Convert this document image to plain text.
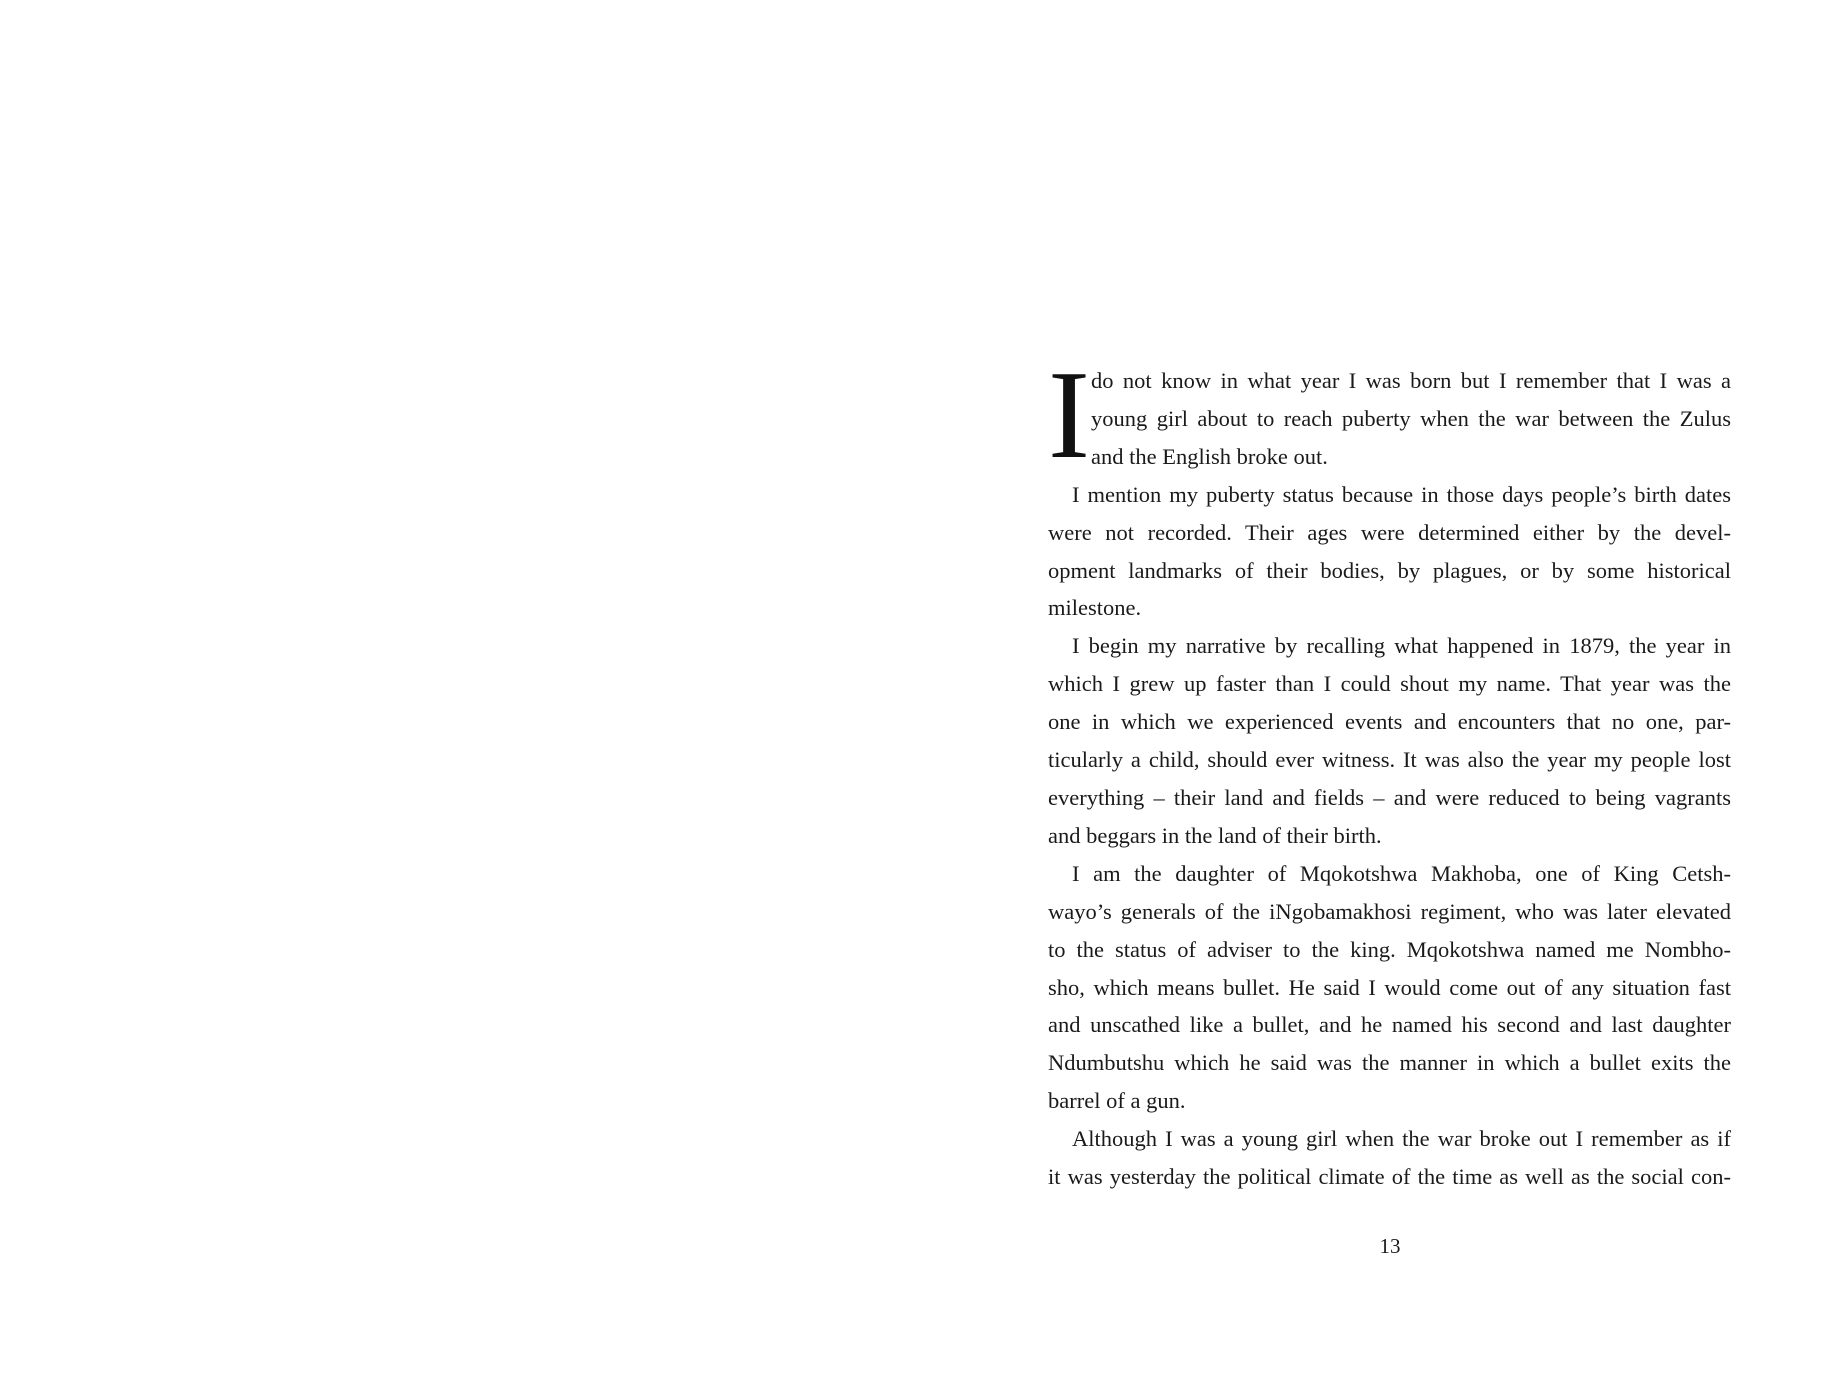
I do not know in what year I was born but I remember that I was a
young girl about to reach puberty when the war between the Zulus
and the English broke out.
I mention my puberty status because in those days people’s birth dates
were not recorded. Their ages were determined either by the devel-
opment landmarks of their bodies, by plagues, or by some historical
milestone.
I begin my narrative by recalling what happened in 1879, the year in
which I grew up faster than I could shout my name. That year was the
one in which we experienced events and encounters that no one, par-
ticularly a child, should ever witness. It was also the year my people lost
everything – their land and fields – and were reduced to being vagrants
and beggars in the land of their birth.
I am the daughter of Mqokotshwa Makhoba, one of King Cetsh-
wayo’s generals of the iNgobamakhosi regiment, who was later elevated
to the status of adviser to the king. Mqokotshwa named me Nombho-
sho, which means bullet. He said I would come out of any situation fast
and unscathed like a bullet, and he named his second and last daughter
Ndumbutshu which he said was the manner in which a bullet exits the
barrel of a gun.
Although I was a young girl when the war broke out I remember as if
it was yesterday the political climate of the time as well as the social con-
13
